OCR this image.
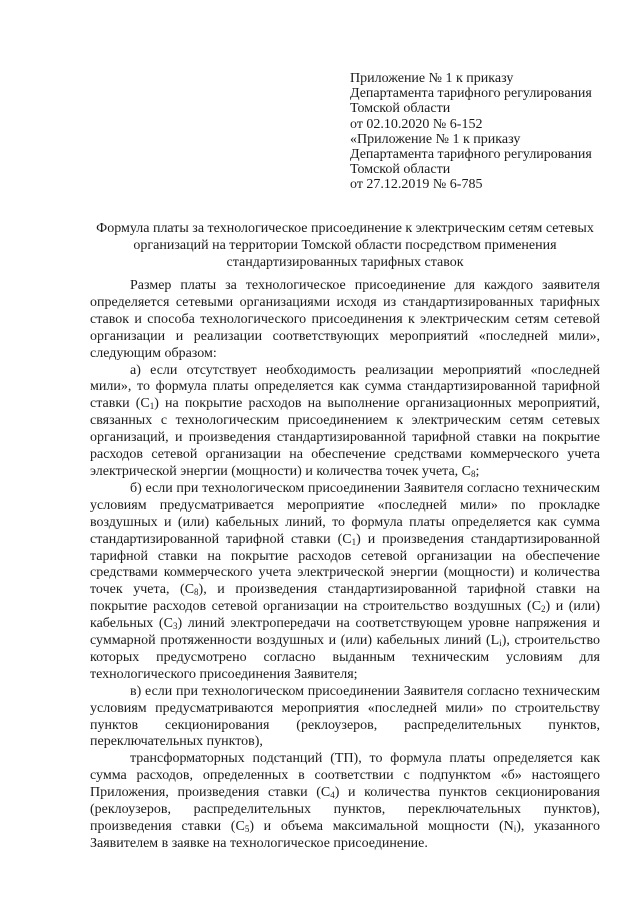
Приложение № 1 к приказу
Департамента тарифного регулирования
Томской области
от 02.10.2020 № 6-152
«Приложение № 1 к приказу
Департамента тарифного регулирования
Томской области
от 27.12.2019 № 6-785
Формула платы за технологическое присоединение к электрическим сетям сетевых организаций на территории Томской области посредством применения стандартизированных тарифных ставок

Размер платы за технологическое присоединение для каждого заявителя определяется сетевыми организациями исходя из стандартизированных тарифных ставок и способа технологического присоединения к электрическим сетям сетевой организации и реализации соответствующих мероприятий «последней мили», следующим образом:

а) если отсутствует необходимость реализации мероприятий «последней мили», то формула платы определяется как сумма стандартизированной тарифной ставки $(С_1)$ на покрытие расходов на выполнение организационных мероприятий, связанных с технологическим присоединением к электрическим сетям сетевых организаций, и произведения стандартизированной тарифной ставки на покрытие расходов сетевой организации на обеспечение средствами коммерческого учета электрической энергии (мощности) и количества точек учета, $С_8$;

б) если при технологическом присоединении Заявителя согласно техническим условиям предусматривается мероприятие «последней мили» по прокладке воздушных и (или) кабельных линий, то формула платы определяется как сумма стандартизированной тарифной ставки $(С_1)$ и произведения стандартизированной тарифной ставки на покрытие расходов сетевой организации на обеспечение средствами коммерческого учета электрической энергии (мощности) и количества точек учета, $(С_8)$, и произведения стандартизированной тарифной ставки на покрытие расходов сетевой организации на строительство воздушных $(С_2)$ и (или) кабельных $(С_3)$ линий электропередачи на соответствующем уровне напряжения и суммарной протяженности воздушных и (или) кабельных линий $(L_i)$, строительство которых предусмотрено согласно выданным техническим условиям для технологического присоединения Заявителя;

в) если при технологическом присоединении Заявителя согласно техническим условиям предусматриваются мероприятия «последней мили» по строительству пунктов секционирования (реклоузеров, распределительных пунктов, переключательных пунктов),

трансформаторных подстанций (ТП), то формула платы определяется как сумма расходов, определенных в соответствии с подпунктом «б» настоящего Приложения, произведения ставки $(С_4)$ и количества пунктов секционирования (реклоузеров, распределительных пунктов, переключательных пунктов), произведения ставки $(С_5)$ и объема максимальной мощности $(N_i)$, указанного Заявителем в заявке на технологическое присоединение.
